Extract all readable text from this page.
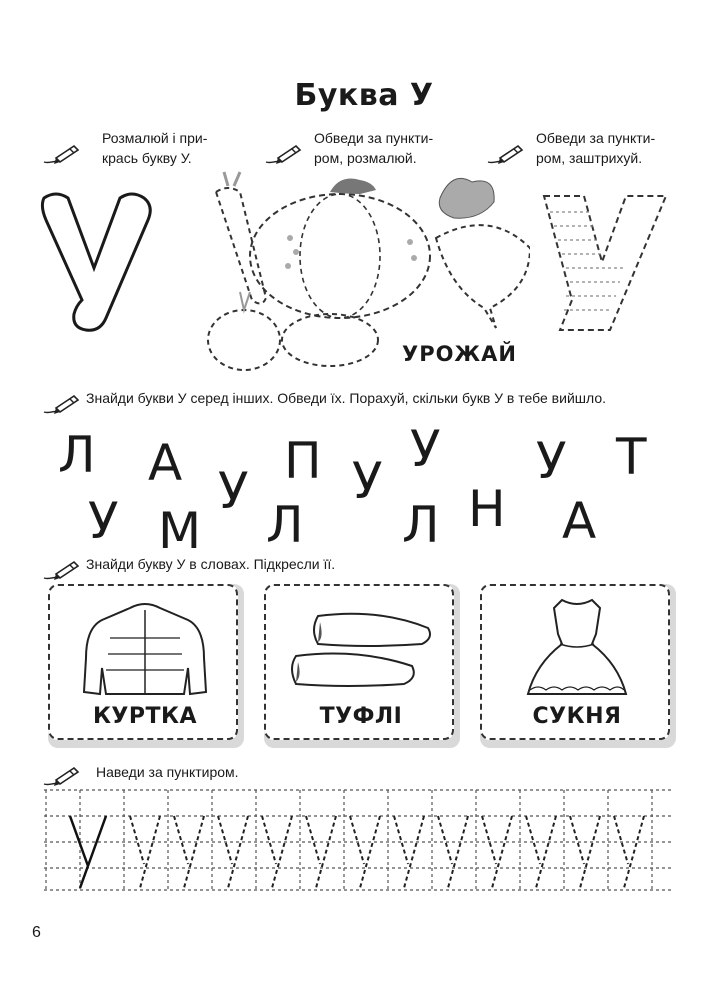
Буква У
Розмалюй і при-
крась букву У.
Обведи за пункти-
ром, розмалюй.
Обведи за пункти-
ром, заштрихуй.
УРОЖАЙ
Знайди букви У серед інших. Обведи їх. Порахуй, скільки букв У в тебе вийшло.
Л А П У У
У	Т
У
М Л Л Н А
У
Знайди букву У в словах. Підкресли її.
КУРТКА	ТУФЛІ	СУКНЯ
Наведи за пунктиром.
6
